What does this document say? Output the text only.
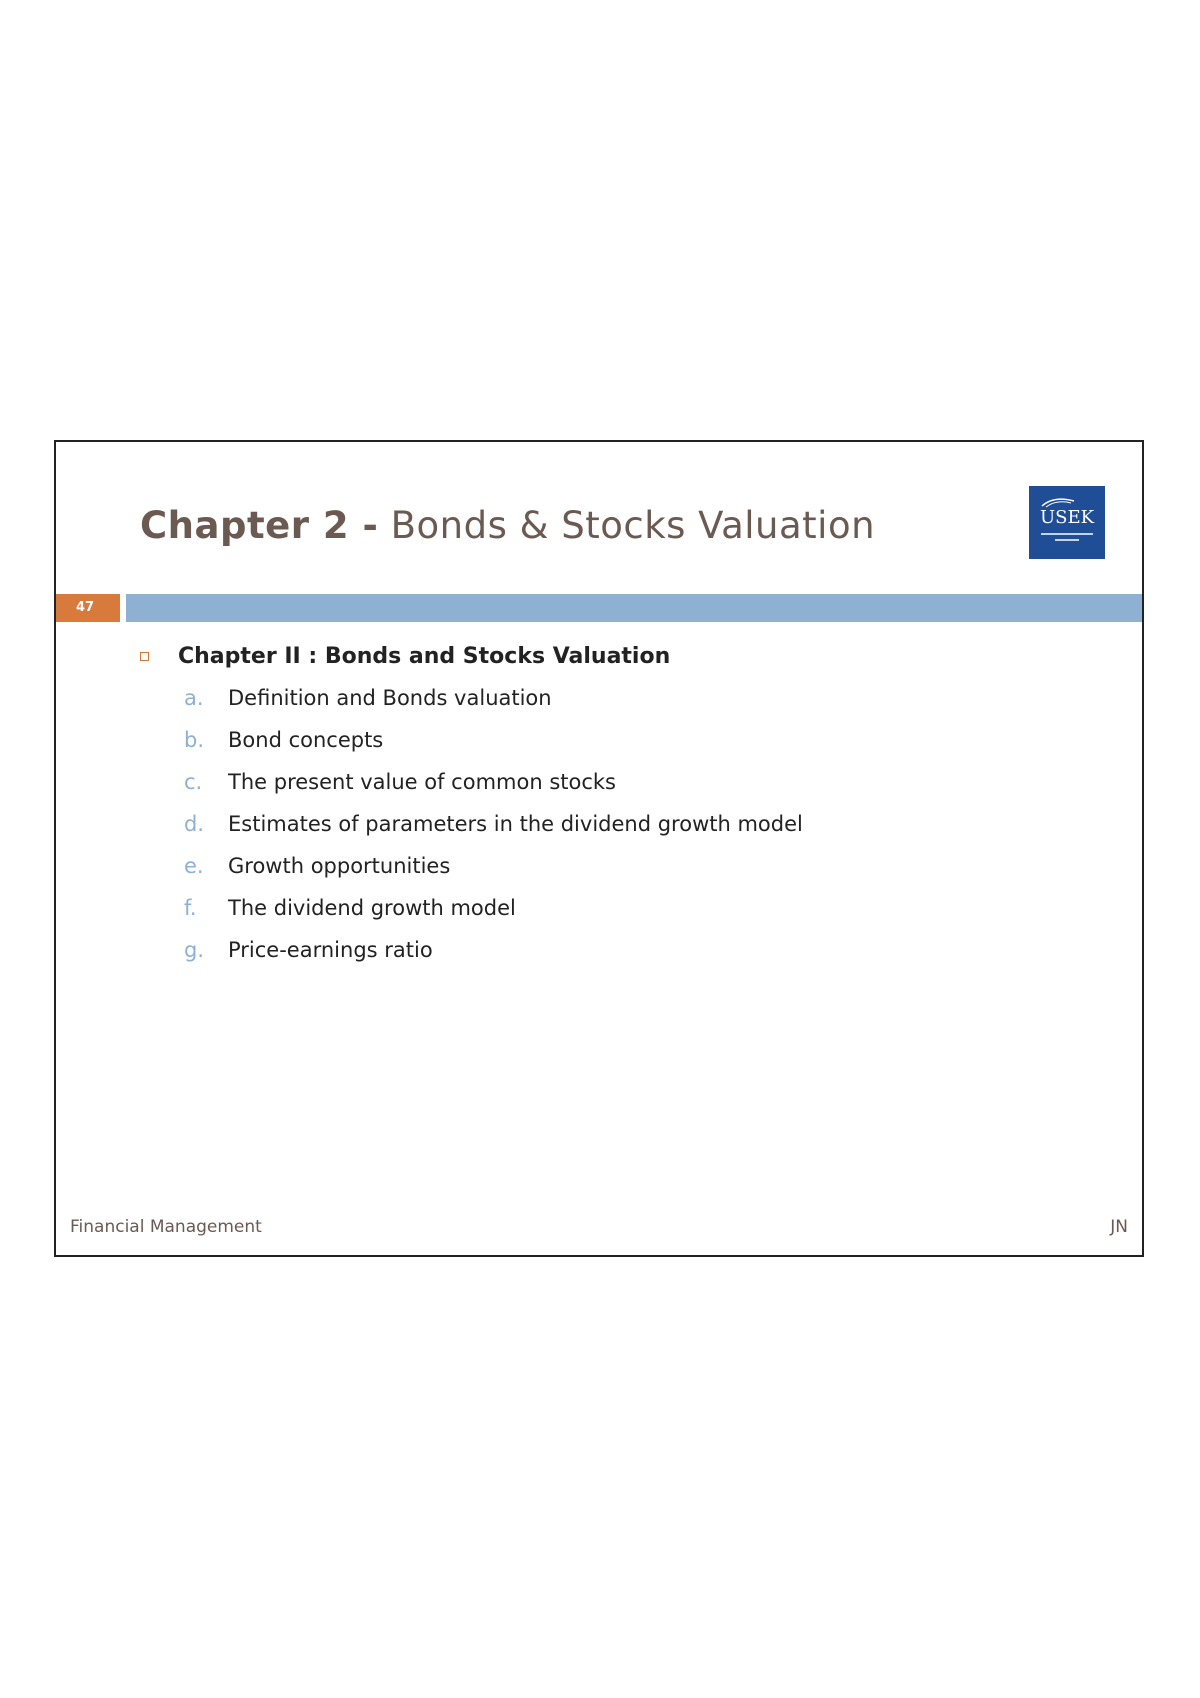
Chapter 2 - Bonds & Stocks Valuation	USEK
47
Chapter II : Bonds and Stocks Valuation
a. Definition and Bonds valuation
b. Bond concepts
c. The present value of common stocks
d. Estimates of parameters in the dividend growth model
e. Growth opportunities
f. The dividend growth model
g. Price-earnings ratio
Financial Management	JN
